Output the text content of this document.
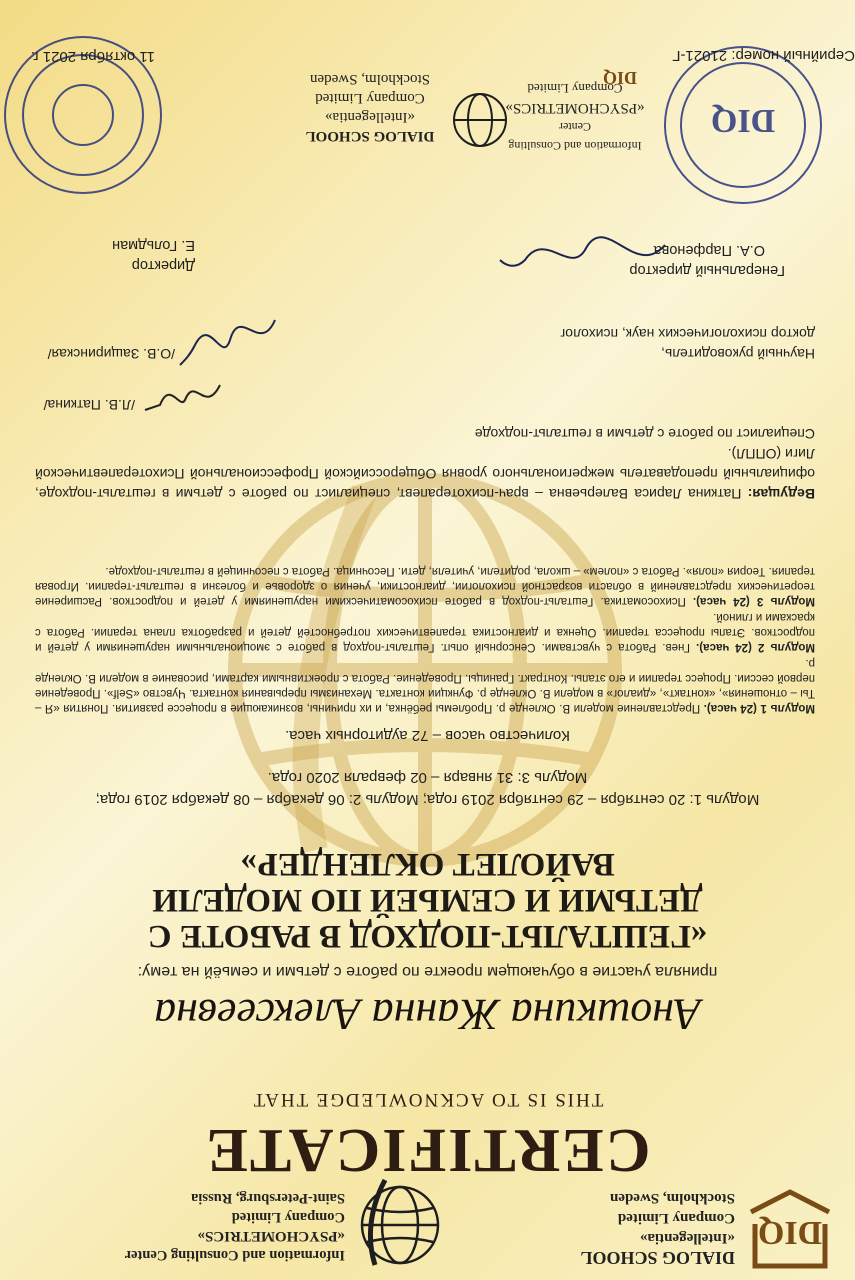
DIQ
DIALOG SCHOOL
«Intellegentia»
Company Limited
Stockholm, Sweden
Information and Consulting Center
«PSYCHOMETRICS»
Company Limited
Saint-Petersburg, Russia
CERTIFICATE
THIS IS TO ACKNOWLEDGE THAT
Аношкина Жанна Алексеевна
приняла участие в обучающем проекте по работе с детьми и семьёй на тему:
«ГЕШТАЛЬТ-ПОДХОД В РАБОТЕ С ДЕТЬМИ И СЕМЬЕЙ ПО МОДЕЛИ ВАЙОЛЕТ ОКЛЕНДЕР»
Модуль 1: 20 сентября – 29 сентября 2019 года; Модуль 2: 06 декабря – 08 декабря 2019 года;
Модуль 3: 31 января – 02 февраля 2020 года.
Количество часов – 72 аудиторных часа.

Модуль 1 (24 часа). Представление модели В. Окленде р. Проблемы ребёнка, и их причины, возникающие в процессе развития. Понятия «Я – Ты – отношения», «контакт», «диалог» в модели В. Окленде р. Функции контакта. Механизмы прерывания контакта. Чувство «Self». Проведение первой сессии. Процесс терапии и его этапы. Контракт. Границы. Проведение. Работа с проективными картами, рисование в модели В. Окленде р.

Модуль 2 (24 часа). Гнев. Работа с чувствами. Сенсорный опыт. Гештальт-подход в работе с эмоциональными нарушениями у детей и подростков. Этапы процесса терапии. Оценка и диагностика терапевтических потребностей детей и разработка плана терапии. Работа с красками и глиной.

Модуль 3 (24 часа). Психосоматика. Гештальт-подход в работе психосоматическими нарушениями у детей и подростков. Расширение теоретических представлений в области возрастной психологии, диагностики, учения о здоровье и болезни в гештальт-терапии. Игровая терапия. Теория «поля». Работа с «полем» – школа, родители, учителя, дети. Песочница. Работа с песочницей в гештальт-подходе.

Ведущая: Паткина Лариса Валерьевна – врач-психотерапевт, специалист по работе с детьми в гештальт-подходе, официальный преподаватель межрегионального уровня Общероссийской Профессиональной Психотерапевтической Лиги (ОППЛ).
Специалист по работе с детьми в гештальт-подходе
/Л.В. Паткина/
Научный руководитель,
доктор психологических наук, психолог
/О.В. Защиринская/
Генеральный директор
О.А. Парфенова
Директор
Е. Гольдман
Information and Consulting Center
«PSYCHOMETRICS»
Company Limited
DIQ
DIALOG SCHOOL
«Intellegentia»
Company Limited
Stockholm, Sweden
DIQ
11 октября 2021 г.	Серийный номер: 21021-Г
